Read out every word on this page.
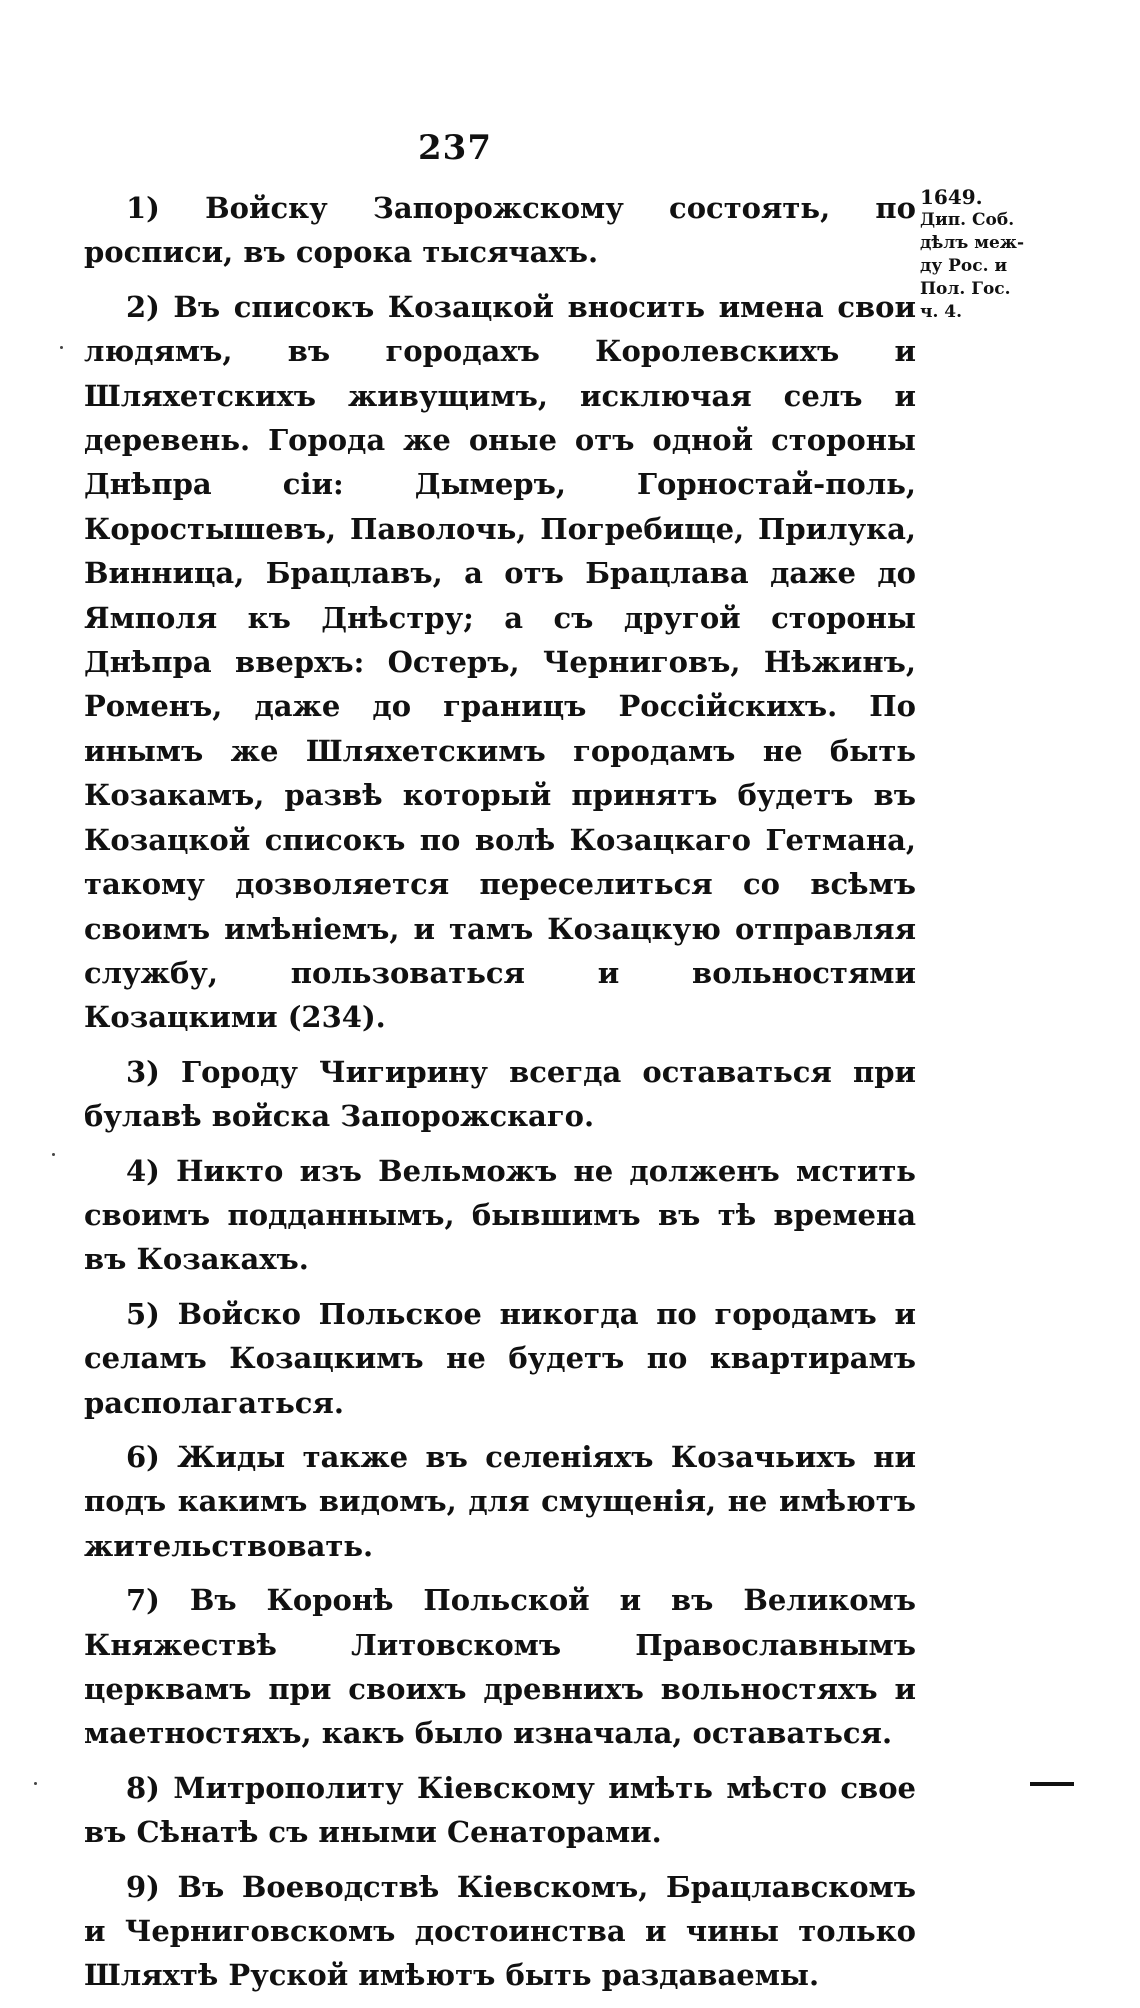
237
1649.
Дип. Соб.
дѣлъ меж-
ду Рос. и
Пол. Гос.
ч. 4.

1) Войску Запорожскому состоять, по росписи, въ сорока тысячахъ.

2) Въ списокъ Козацкой вносить имена свои людямъ, въ городахъ Королевскихъ и Шляхетскихъ живущимъ, исключая селъ и деревень. Города же оные отъ одной стороны Днѣпра сіи: Дымеръ, Горностай-поль, Коростышевъ, Паволочь, Погребище, Прилука, Винница, Брацлавъ, а отъ Брацлава даже до Ямполя къ Днѣстру; а съ другой стороны Днѣпра вверхъ: Остеръ, Черниговъ, Нѣжинъ, Роменъ, даже до границъ Россійскихъ. По инымъ же Шляхетскимъ городамъ не быть Козакамъ, развѣ который принятъ будетъ въ Козацкой списокъ по волѣ Козацкаго Гетмана, такому дозволяется переселиться со всѣмъ своимъ имѣніемъ, и тамъ Козацкую отправляя службу, пользоваться и вольностями Козацкими (234).

3) Городу Чигирину всегда оставаться при булавѣ войска Запорожскаго.

4) Никто изъ Вельможъ не долженъ мстить своимъ подданнымъ, бывшимъ въ тѣ времена въ Козакахъ.

5) Войско Польское никогда по городамъ и селамъ Козацкимъ не будетъ по квартирамъ располагаться.

6) Жиды также въ селеніяхъ Козачьихъ ни подъ какимъ видомъ, для смущенія, не имѣютъ жительствовать.

7) Въ Коронѣ Польской и въ Великомъ Княжествѣ Литовскомъ Православнымъ церквамъ при своихъ древнихъ вольностяхъ и маетностяхъ, какъ было изначала, оставаться.

8) Митрополиту Кіевскому имѣть мѣсто свое въ Сѣнатѣ съ иными Сенаторами.

9) Въ Воеводствѣ Кіевскомъ, Брацлавскомъ и Черниговскомъ достоинства и чины только Шляхтѣ Руской имѣютъ быть раздаваемы.
